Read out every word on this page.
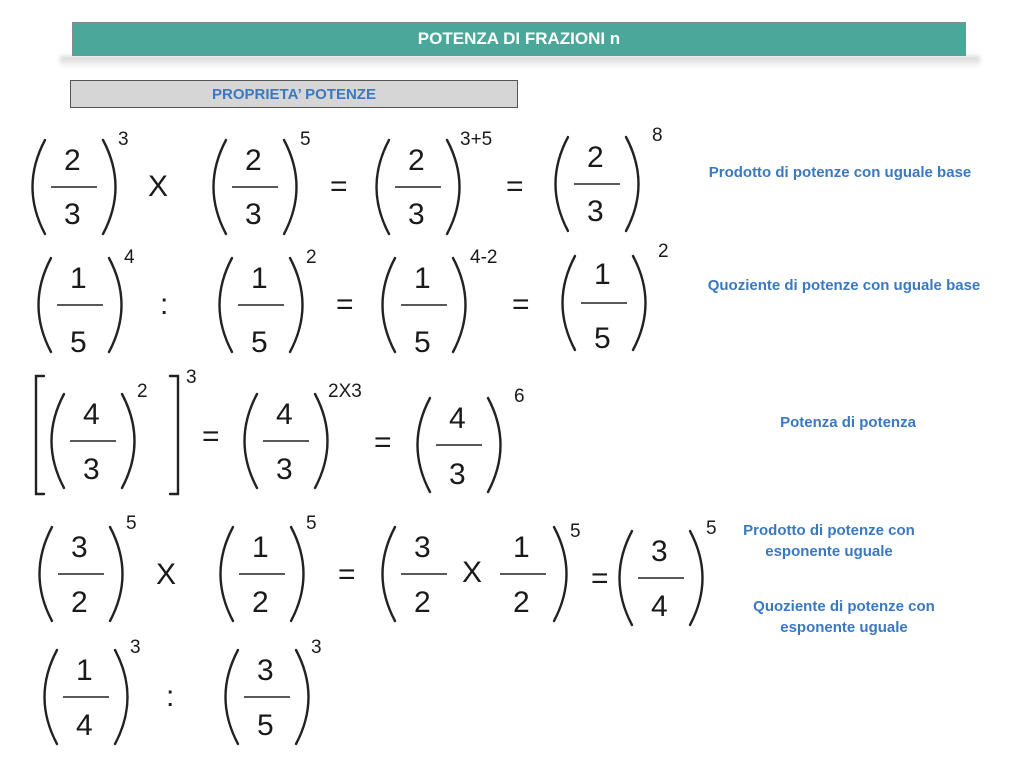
POTENZA DI FRAZIONI n
PROPRIETA’ POTENZE
2
3
3
X
2
3
5
=
2
3
3+5
=
2
3
8
Prodotto di potenze con uguale base
1
5
4
:
1
5
2
=
1
5
4-2
=
1
5
2
Quoziente di potenze con uguale base
4
3
2
3
=
4
3
2X3
=
4
3
6
Potenza di potenza
3
2
5
X
1
2
5
=
3
2
X
1
2
5
=
3
4
5	Prodotto di potenze con
esponente uguale
Quoziente di potenze con
esponente uguale
1
4
3
:
3
5
3
